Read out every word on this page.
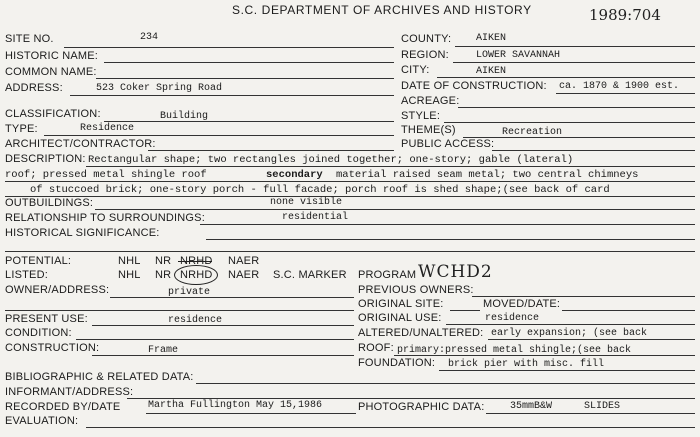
S.C. DEPARTMENT OF ARCHIVES AND HISTORY	1989:704
SITE NO.	234
HISTORIC NAME:
COMMON NAME:
ADDRESS:	523 Coker Spring Road
CLASSIFICATION:	Building
TYPE:	Residence
ARCHITECT/CONTRACTOR:
COUNTY: AIKEN
REGION:	LOWER SAVANNAH
CITY:	AIKEN
DATE OF CONSTRUCTION: ca. 1870 & 1900 est.
ACREAGE:
STYLE:
THEME(S)	Recreation
PUBLIC ACCESS:
DESCRIPTION: Rectangular shape; two rectangles joined together; one-story; gable (lateral)
roof; pressed metal shingle roof	secondary material raised seam metal; two central chimneys
of stuccoed brick; one-story porch - full facade; porch roof is shed shape;(see back of card
OUTBUILDINGS:	none visible
RELATIONSHIP TO SURROUNDINGS:	residential
HISTORICAL SIGNIFICANCE:
POTENTIAL:	NHL NR NRHD NAER
LISTED:	NHL NR NRHD NAER S.C. MARKER PROGRAM WCHD2
OWNER/ADDRESS:	private	PREVIOUS OWNERS:
ORIGINAL SITE:	MOVED/DATE:
PRESENT USE:	residence	ORIGINAL USE:	residence
CONDITION:	ALTERED/UNALTERED: early expansion; (see back
CONSTRUCTION:	Frame	ROOF: primary:pressed metal shingle;(see back
FOUNDATION: brick pier with misc. fill
BIBLIOGRAPHIC & RELATED DATA:
INFORMANT/ADDRESS:
RECORDED BY/DATE	Martha Fullington May 15,1986	PHOTOGRAPHIC DATA:	35mmB&W	SLIDES
EVALUATION:
